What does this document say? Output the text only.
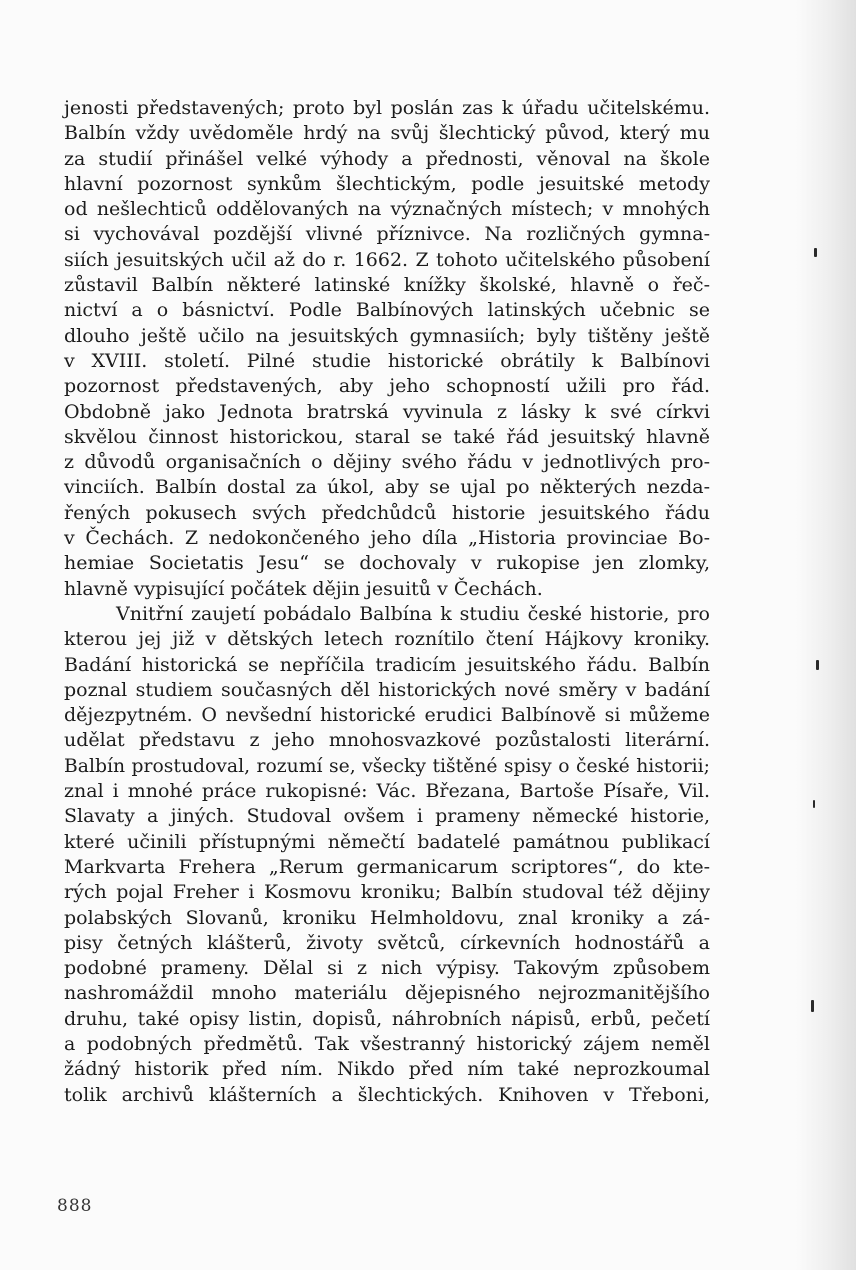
jenosti představených; proto byl poslán zas k úřadu učitelskému.
Balbín vždy uvědoměle hrdý na svůj šlechtický původ, který mu
za studií přinášel velké výhody a přednosti, věnoval na škole
hlavní pozornost synkům šlechtickým, podle jesuitské metody
od nešlechticů oddělovaných na význačných místech; v mnohých
si vychovával pozdější vlivné příznivce. Na rozličných gymna-
siích jesuitských učil až do r. 1662. Z tohoto učitelského působení
zůstavil Balbín některé latinské knížky školské, hlavně o řeč-
nictví a o básnictví. Podle Balbínových latinských učebnic se
dlouho ještě učilo na jesuitských gymnasiích; byly tištěny ještě
v XVIII. století. Pilné studie historické obrátily k Balbínovi
pozornost představených, aby jeho schopností užili pro řád.
Obdobně jako Jednota bratrská vyvinula z lásky k své církvi
skvělou činnost historickou, staral se také řád jesuitský hlavně
z důvodů organisačních o dějiny svého řádu v jednotlivých pro-
vinciích. Balbín dostal za úkol, aby se ujal po některých nezda-
řených pokusech svých předchůdců historie jesuitského řádu
v Čechách. Z nedokončeného jeho díla „Historia provinciae Bo-
hemiae Societatis Jesu“ se dochovaly v rukopise jen zlomky,
hlavně vypisující počátek dějin jesuitů v Čechách.
Vnitřní zaujetí pobádalo Balbína k studiu české historie, pro
kterou jej již v dětských letech roznítilo čtení Hájkovy kroniky.
Badání historická se nepříčila tradicím jesuitského řádu. Balbín
poznal studiem současných děl historických nové směry v badání
dějezpytném. O nevšední historické erudici Balbínově si můžeme
udělat představu z jeho mnohosvazkové pozůstalosti literární.
Balbín prostudoval, rozumí se, všecky tištěné spisy o české historii;
znal i mnohé práce rukopisné: Vác. Březana, Bartoše Písaře, Vil.
Slavaty a jiných. Studoval ovšem i prameny německé historie,
které učinili přístupnými němečtí badatelé památnou publikací
Markvarta Frehera „Rerum germanicarum scriptores“, do kte-
rých pojal Freher i Kosmovu kroniku; Balbín studoval též dějiny
polabských Slovanů, kroniku Helmholdovu, znal kroniky a zá-
pisy četných klášterů, životy světců, církevních hodnostářů a
podobné prameny. Dělal si z nich výpisy. Takovým způsobem
nashromáždil mnoho materiálu dějepisného nejrozmanitějšího
druhu, také opisy listin, dopisů, náhrobních nápisů, erbů, pečetí
a podobných předmětů. Tak všestranný historický zájem neměl
žádný historik před ním. Nikdo před ním také neprozkoumal
tolik archivů klášterních a šlechtických. Knihoven v Třeboni,
888
